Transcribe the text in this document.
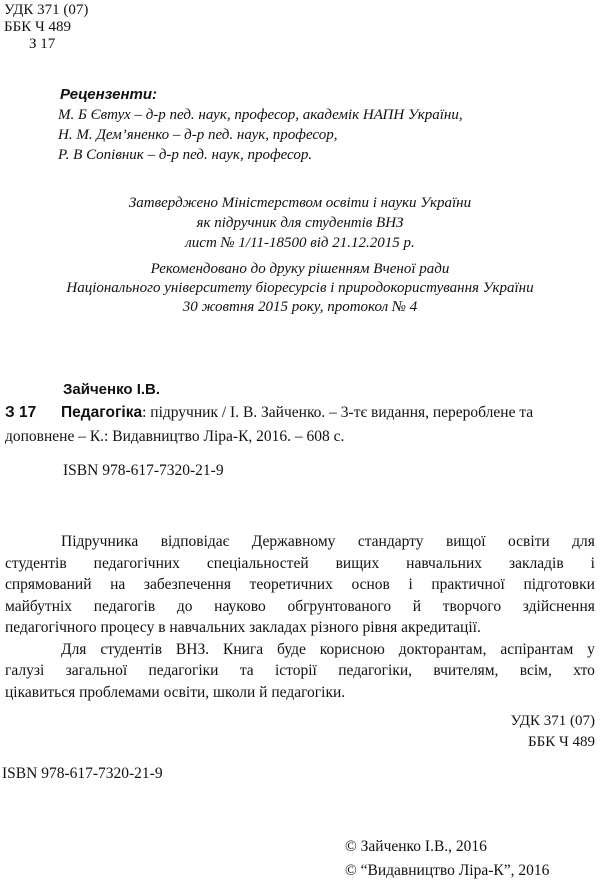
УДК 371 (07)
ББК Ч 489
З 17
Рецензенти:
М. Б Євтух – д-р пед. наук, професор, академік НАПН України,
Н. М. Дем’яненко – д-р пед. наук, професор,
Р. В Сопівник – д-р пед. наук, професор.
Затверджено Міністерством освіти і науки України
як підручник для студентів ВНЗ
лист № 1/11-18500 від 21.12.2015 р.
Рекомендовано до друку рішенням Вченої ради
Національного університету біоресурсів і природокористування України
30 жовтня 2015 року, протокол № 4
Зайченко І.В.
З 17 Педагогіка: підручник / І. В. Зайченко. – 3-тє видання, перероблене та
доповнене – К.: Видавництво Ліра-К, 2016. – 608 с.
ISBN 978-617-7320-21-9
Підручника відповідає Державному стандарту вищої освіти для
студентів педагогічних спеціальностей вищих навчальних закладів і
спрямований на забезпечення теоретичних основ і практичної підготовки
майбутніх педагогів до науково обгрунтованого й творчого здійснення
педагогічного процесу в навчальних закладах різного рівня акредитації.
Для студентів ВНЗ. Книга буде корисною докторантам, аспірантам у
галузі загальної педагогіки та історії педагогіки, вчителям, всім, хто
цікавиться проблемами освіти, школи й педагогіки.
УДК 371 (07)
ББК Ч 489
ISBN 978-617-7320-21-9
© Зайченко І.В., 2016
© “Видавництво Ліра-К”, 2016
